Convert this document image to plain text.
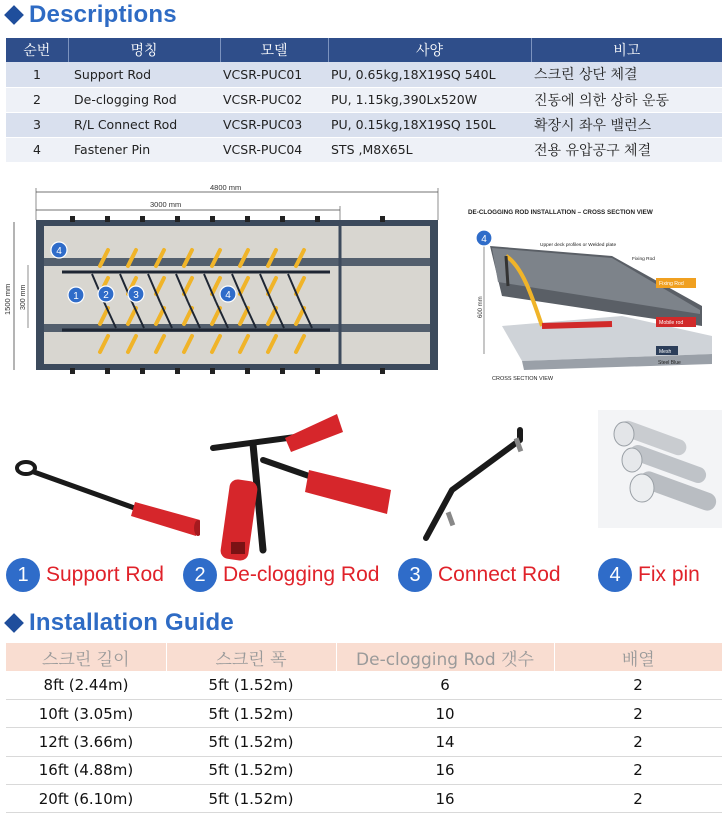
Descriptions
순번	명칭	모델	사양	비고
1	Support Rod	VCSR-PUC01	PU, 0.65kg,18X19SQ 540L	스크린 상단 체결
2	De-clogging Rod	VCSR-PUC02	PU, 1.15kg,390Lx520W	진동에 의한 상하 운동
3	R/L Connect Rod	VCSR-PUC03	PU, 0.15kg,18X19SQ 150L	확장시 좌우 밸런스
4	Fastener Pin	VCSR-PUC04	STS ,M8X65L	전용 유압공구 체결
4800 mm
3000 mm
1500 mm 300 mm
4
1 2 3	4
DE-CLOGGING ROD INSTALLATION – CROSS SECTION VIEW
600 mm
4
Upper deck profiles or Welded plate
Fixing Rod
Fixing Rod
Mobile rod
Mesh
Steel Blue
CROSS SECTION VIEW
1 Support Rod	2 De-clogging Rod	3 Connect Rod	4 Fix pin
Installation Guide
스크린 길이	스크린 폭	De-clogging Rod 갯수	배열
8ft (2.44m)	5ft (1.52m)	6	2
10ft (3.05m)	5ft (1.52m)	10	2
12ft (3.66m)	5ft (1.52m)	14	2
16ft (4.88m)	5ft (1.52m)	16	2
20ft (6.10m)	5ft (1.52m)	16	2
